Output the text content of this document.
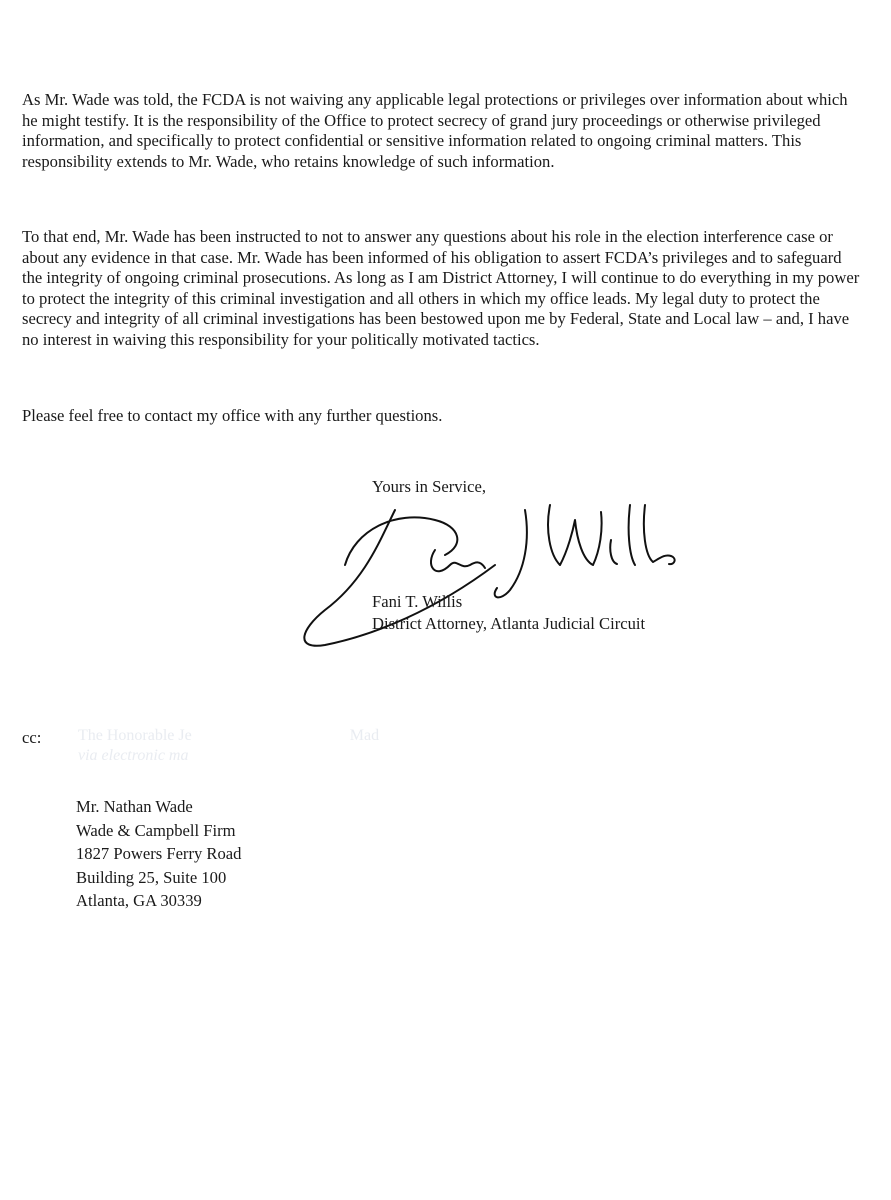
As Mr. Wade was told, the FCDA is not waiving any applicable legal protections or privileges over information about which he might testify. It is the responsibility of the Office to protect secrecy of grand jury proceedings or otherwise privileged information, and specifically to protect confidential or sensitive information related to ongoing criminal matters. This responsibility extends to Mr. Wade, who retains knowledge of such information.

To that end, Mr. Wade has been instructed to not to answer any questions about his role in the election interference case or about any evidence in that case. Mr. Wade has been informed of his obligation to assert FCDA’s privileges and to safeguard the integrity of ongoing criminal prosecutions. As long as I am District Attorney, I will continue to do everything in my power to protect the integrity of this criminal investigation and all others in which my office leads. My legal duty to protect the secrecy and integrity of all criminal investigations has been bestowed upon me by Federal, State and Local law – and, I have no interest in waiving this responsibility for your politically motivated tactics.

Please feel free to contact my office with any further questions.

Yours in Service,

Fani T. Willis

District Attorney, Atlanta Judicial Circuit

cc: The Honorable Je	Mad
via electronic ma

Mr. Nathan Wade
Wade & Campbell Firm
1827 Powers Ferry Road
Building 25, Suite 100
Atlanta, GA 30339
